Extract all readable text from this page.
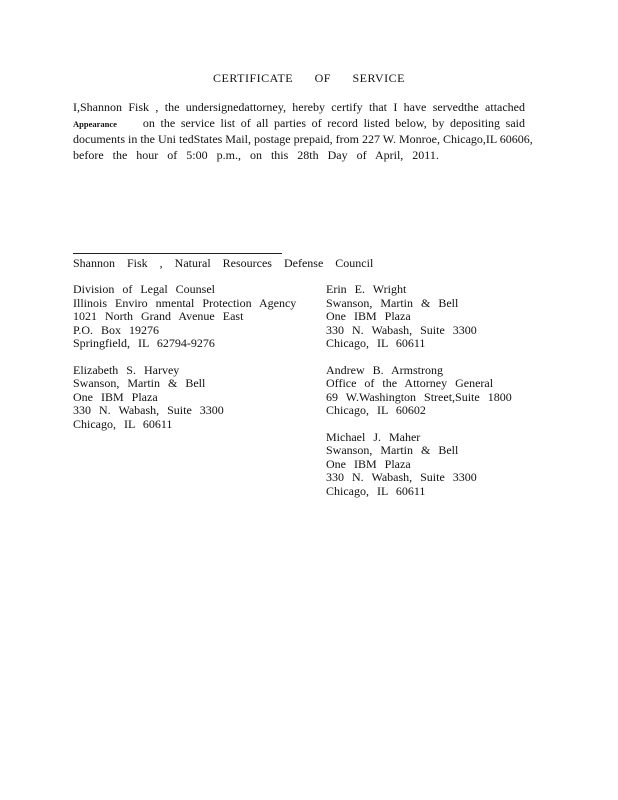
CERTIFICATE OF SERVICE
I,Shannon Fisk , the undersignedattorney, hereby certify that I have servedthe attached
Appearance on the service list of all parties of record listed below, by depositing said
documents in the Uni tedStates Mail, postage prepaid, from 227 W. Monroe, Chicago,IL 60606,
before the hour of 5:00 p.m., on this 28th Day of April, 2011.
Shannon Fisk , Natural Resources Defense Council
Division of Legal Counsel
Illinois Enviro nmental Protection Agency
1021 North Grand Avenue East
P.O. Box 19276
Springfield, IL 62794-9276
Elizabeth S. Harvey
Swanson, Martin & Bell
One IBM Plaza
330 N. Wabash, Suite 3300
Chicago, IL 60611
Erin E. Wright
Swanson, Martin & Bell
One IBM Plaza
330 N. Wabash, Suite 3300
Chicago, IL 60611
Andrew B. Armstrong
Office of the Attorney General
69 W.Washington Street,Suite 1800
Chicago, IL 60602
Michael J. Maher
Swanson, Martin & Bell
One IBM Plaza
330 N. Wabash, Suite 3300
Chicago, IL 60611
